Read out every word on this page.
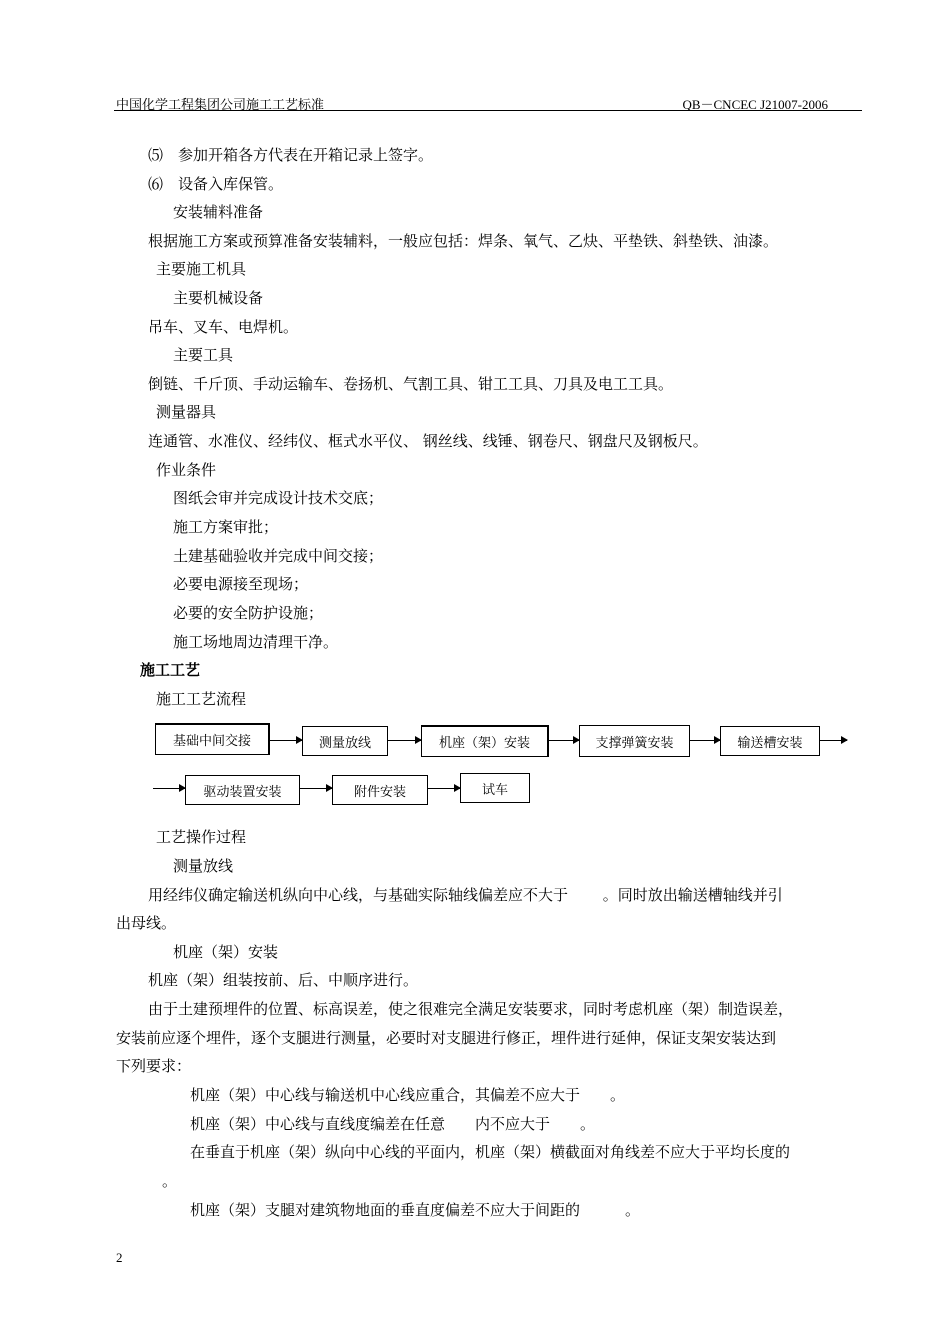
中国化学工程集团公司施工工艺标准	QB－CNCEC J21007-2006
⑸　参加开箱各方代表在开箱记录上签字。
⑹　设备入库保管。
安装辅料准备
根据施工方案或预算准备安装辅料，一般应包括：焊条、氧气、乙炔、平垫铁、斜垫铁、油漆。
主要施工机具
主要机械设备
吊车、叉车、电焊机。
主要工具
倒链、千斤顶、手动运输车、卷扬机、气割工具、钳工工具、刀具及电工工具。
测量器具
连通管、水准仪、经纬仪、框式水平仪、 钢丝线、线锤、钢卷尺、钢盘尺及钢板尺。
作业条件
图纸会审并完成设计技术交底；
施工方案审批；
土建基础验收并完成中间交接；
必要电源接至现场；
必要的安全防护设施；
施工场地周边清理干净。
施工工艺
施工工艺流程
基础中间交接	测量放线	机座（架）安装	支撑弹簧安装	输送槽安装
驱动装置安装	附件安装	试车
工艺操作过程
测量放线
用经纬仪确定输送机纵向中心线，与基础实际轴线偏差应不大于　　 。同时放出输送槽轴线并引
出母线。
机座（架）安装
机座（架）组装按前、后、中顺序进行。
由于土建预埋件的位置、标高误差，使之很难完全满足安装要求，同时考虑机座（架）制造误差，
安装前应逐个埋件，逐个支腿进行测量，必要时对支腿进行修正，埋件进行延伸，保证支架安装达到
下列要求：
机座（架）中心线与输送机中心线应重合，其偏差不应大于　　。
机座（架）中心线与直线度编差在任意　　内不应大于　　。
在垂直于机座（架）纵向中心线的平面内，机座（架）横截面对角线差不应大于平均长度的
。
机座（架）支腿对建筑物地面的垂直度偏差不应大于间距的　　　。
2
